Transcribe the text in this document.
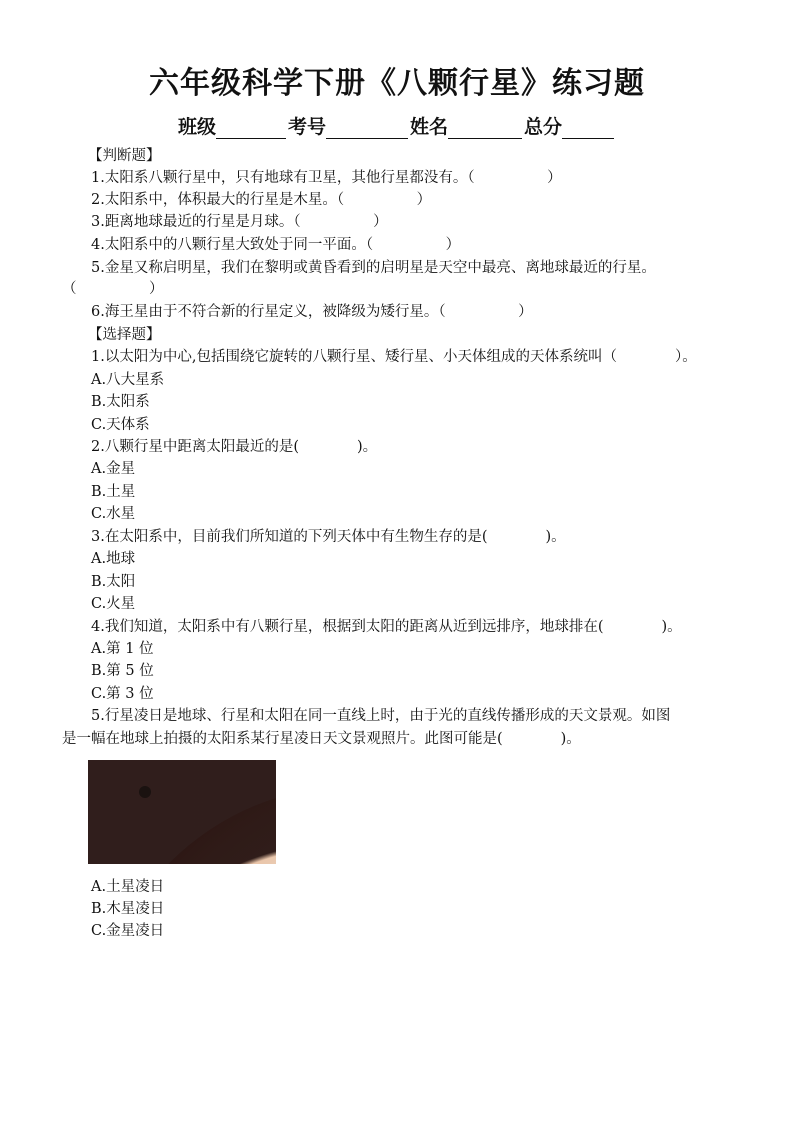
六年级科学下册《八颗行星》练习题
班级	考号	姓名	总分
【判断题】
1.太阳系八颗行星中，只有地球有卫星，其他行星都没有。（　　　　　）
2.太阳系中，体积最大的行星是木星。（　　　　　）
3.距离地球最近的行星是月球。（　　　　　）
4.太阳系中的八颗行星大致处于同一平面。（　　　　　）
5.金星又称启明星，我们在黎明或黄昏看到的启明星是天空中最亮、离地球最近的行星。
（　　　　　）
6.海王星由于不符合新的行星定义，被降级为矮行星。（　　　　　）
【选择题】
1.以太阳为中心,包括围绕它旋转的八颗行星、矮行星、小天体组成的天体系统叫（　　　　）。
A.八大星系
B.太阳系
C.天体系
2.八颗行星中距离太阳最近的是(　　　　)。
A.金星
B.土星
C.水星
3.在太阳系中，目前我们所知道的下列天体中有生物生存的是(　　　　)。
A.地球
B.太阳
C.火星
4.我们知道，太阳系中有八颗行星，根据到太阳的距离从近到远排序，地球排在(　　　　)。
A.第 1 位
B.第 5 位
C.第 3 位
5.行星凌日是地球、行星和太阳在同一直线上时，由于光的直线传播形成的天文景观。如图
是一幅在地球上拍摄的太阳系某行星凌日天文景观照片。此图可能是(　　　　)。
A.土星凌日
B.木星凌日
C.金星凌日
